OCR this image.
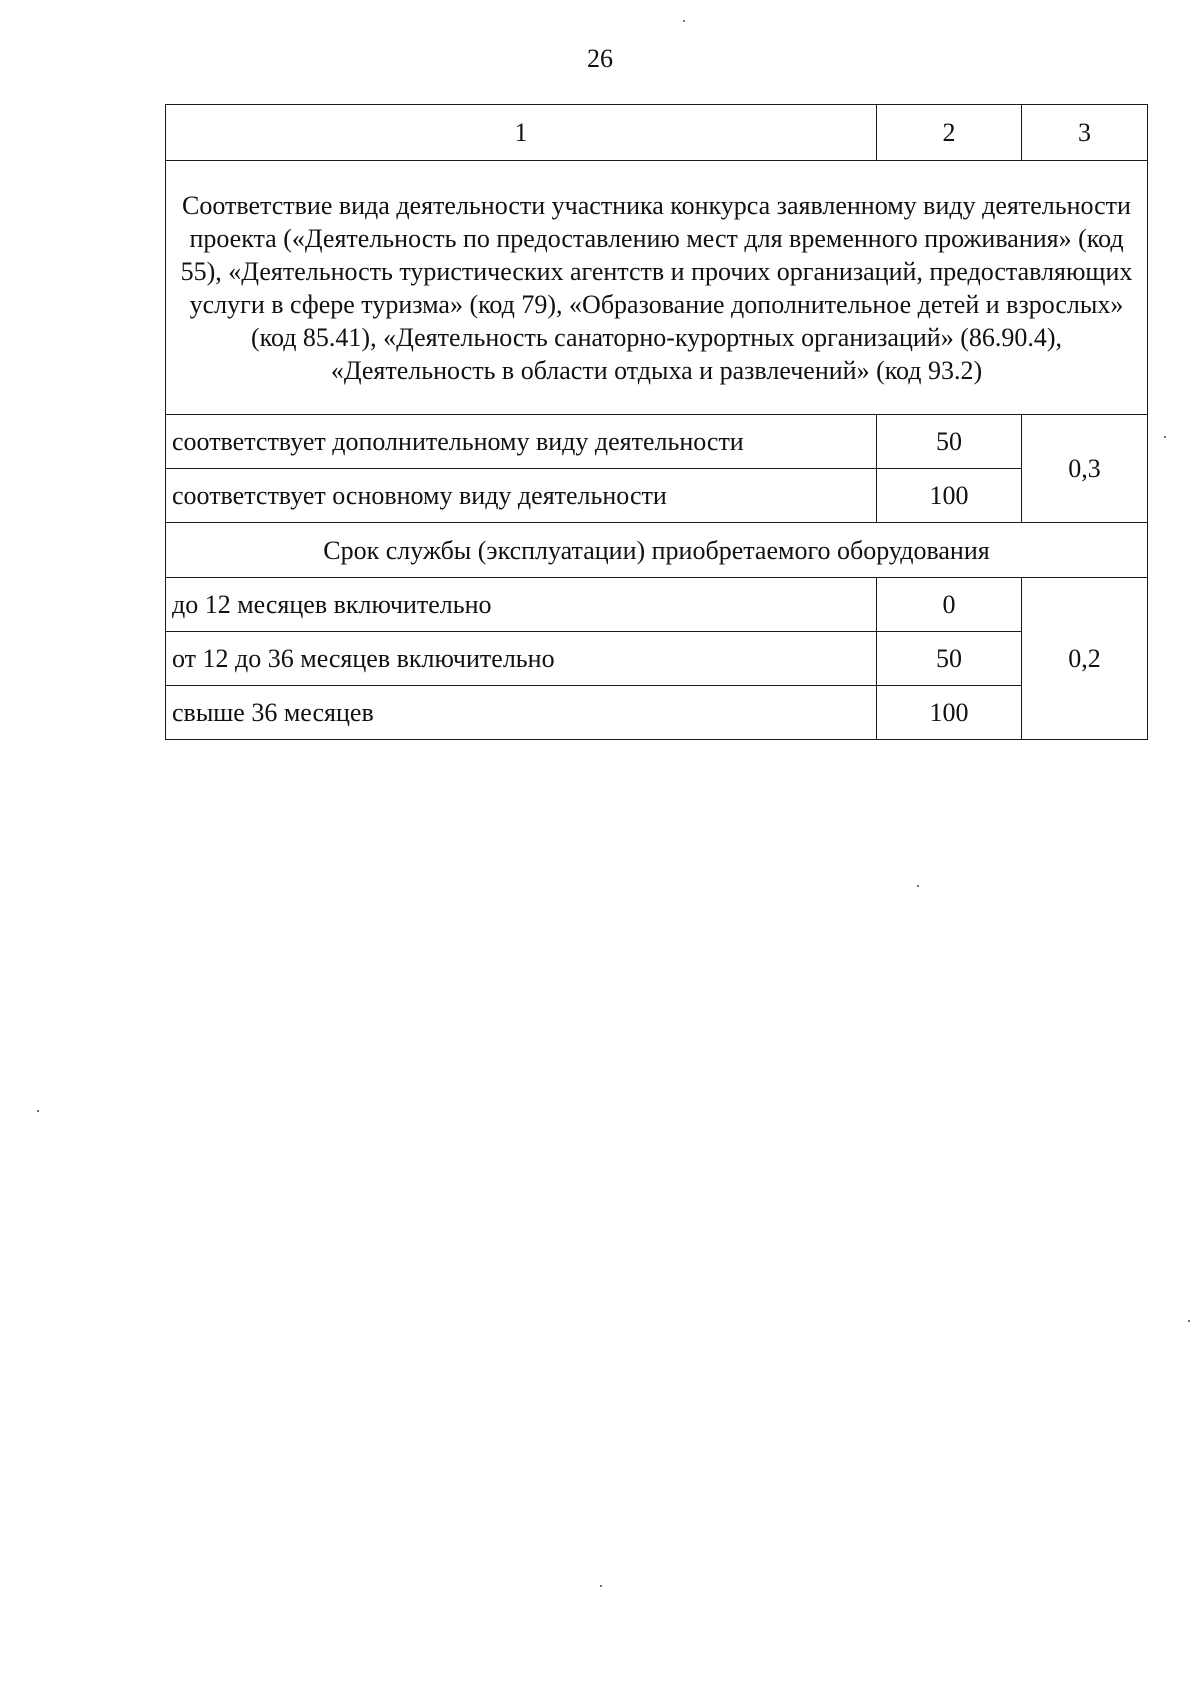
26
1	2	3
Соответствие вида деятельности участника конкурса заявленному виду деятельности проекта («Деятельность по предоставлению мест для временного проживания» (код 55), «Деятельность туристических агентств и прочих организаций, предоставляющих услуги в сфере туризма» (код 79), «Образование дополнительное детей и взрослых» (код 85.41), «Деятельность санаторно-курортных организаций» (86.90.4), «Деятельность в области отдыха и развлечений» (код 93.2)		
соответствует дополнительному виду деятельности	50	0,3
соответствует основному виду деятельности	100	
Срок службы (эксплуатации) приобретаемого оборудования		
до 12 месяцев включительно	0	0,2
от 12 до 36 месяцев включительно	50	
свыше 36 месяцев	100	
